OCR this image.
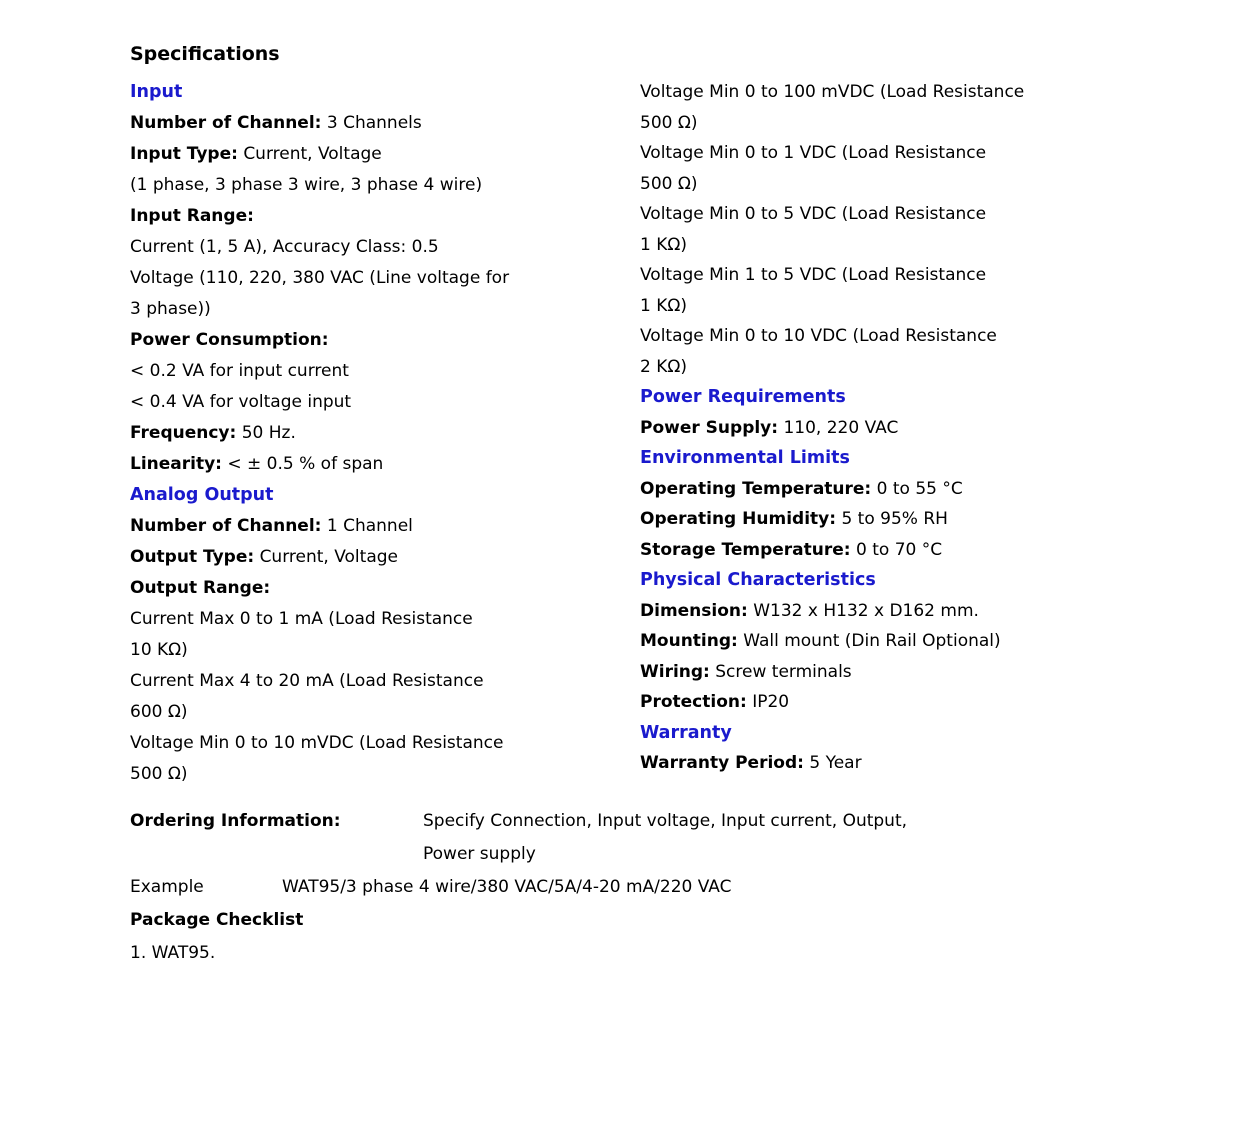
Specifications
Input
Number of Channel: 3 Channels
Input Type: Current, Voltage
(1 phase, 3 phase 3 wire, 3 phase 4 wire)
Input Range:
Current (1, 5 A), Accuracy Class: 0.5
Voltage (110, 220, 380 VAC (Line voltage for
3 phase))
Power Consumption:
< 0.2 VA for input current
< 0.4 VA for voltage input
Frequency: 50 Hz.
Linearity: < ± 0.5 % of span
Analog Output
Number of Channel: 1 Channel
Output Type: Current, Voltage
Output Range:
Current Max 0 to 1 mA (Load Resistance
10 KΩ)
Current Max 4 to 20 mA (Load Resistance
600 Ω)
Voltage Min 0 to 10 mVDC (Load Resistance
500 Ω)
Voltage Min 0 to 100 mVDC (Load Resistance
500 Ω)
Voltage Min 0 to 1 VDC (Load Resistance
500 Ω)
Voltage Min 0 to 5 VDC (Load Resistance
1 KΩ)
Voltage Min 1 to 5 VDC (Load Resistance
1 KΩ)
Voltage Min 0 to 10 VDC (Load Resistance
2 KΩ)
Power Requirements
Power Supply: 110, 220 VAC
Environmental Limits
Operating Temperature: 0 to 55 °C
Operating Humidity: 5 to 95% RH
Storage Temperature: 0 to 70 °C
Physical Characteristics
Dimension: W132 x H132 x D162 mm.
Mounting: Wall mount (Din Rail Optional)
Wiring: Screw terminals
Protection: IP20
Warranty
Warranty Period: 5 Year
Ordering Information:	Specify Connection, Input voltage, Input current, Output,
Power supply
Example	WAT95/3 phase 4 wire/380 VAC/5A/4-20 mA/220 VAC
Package Checklist
1. WAT95.
